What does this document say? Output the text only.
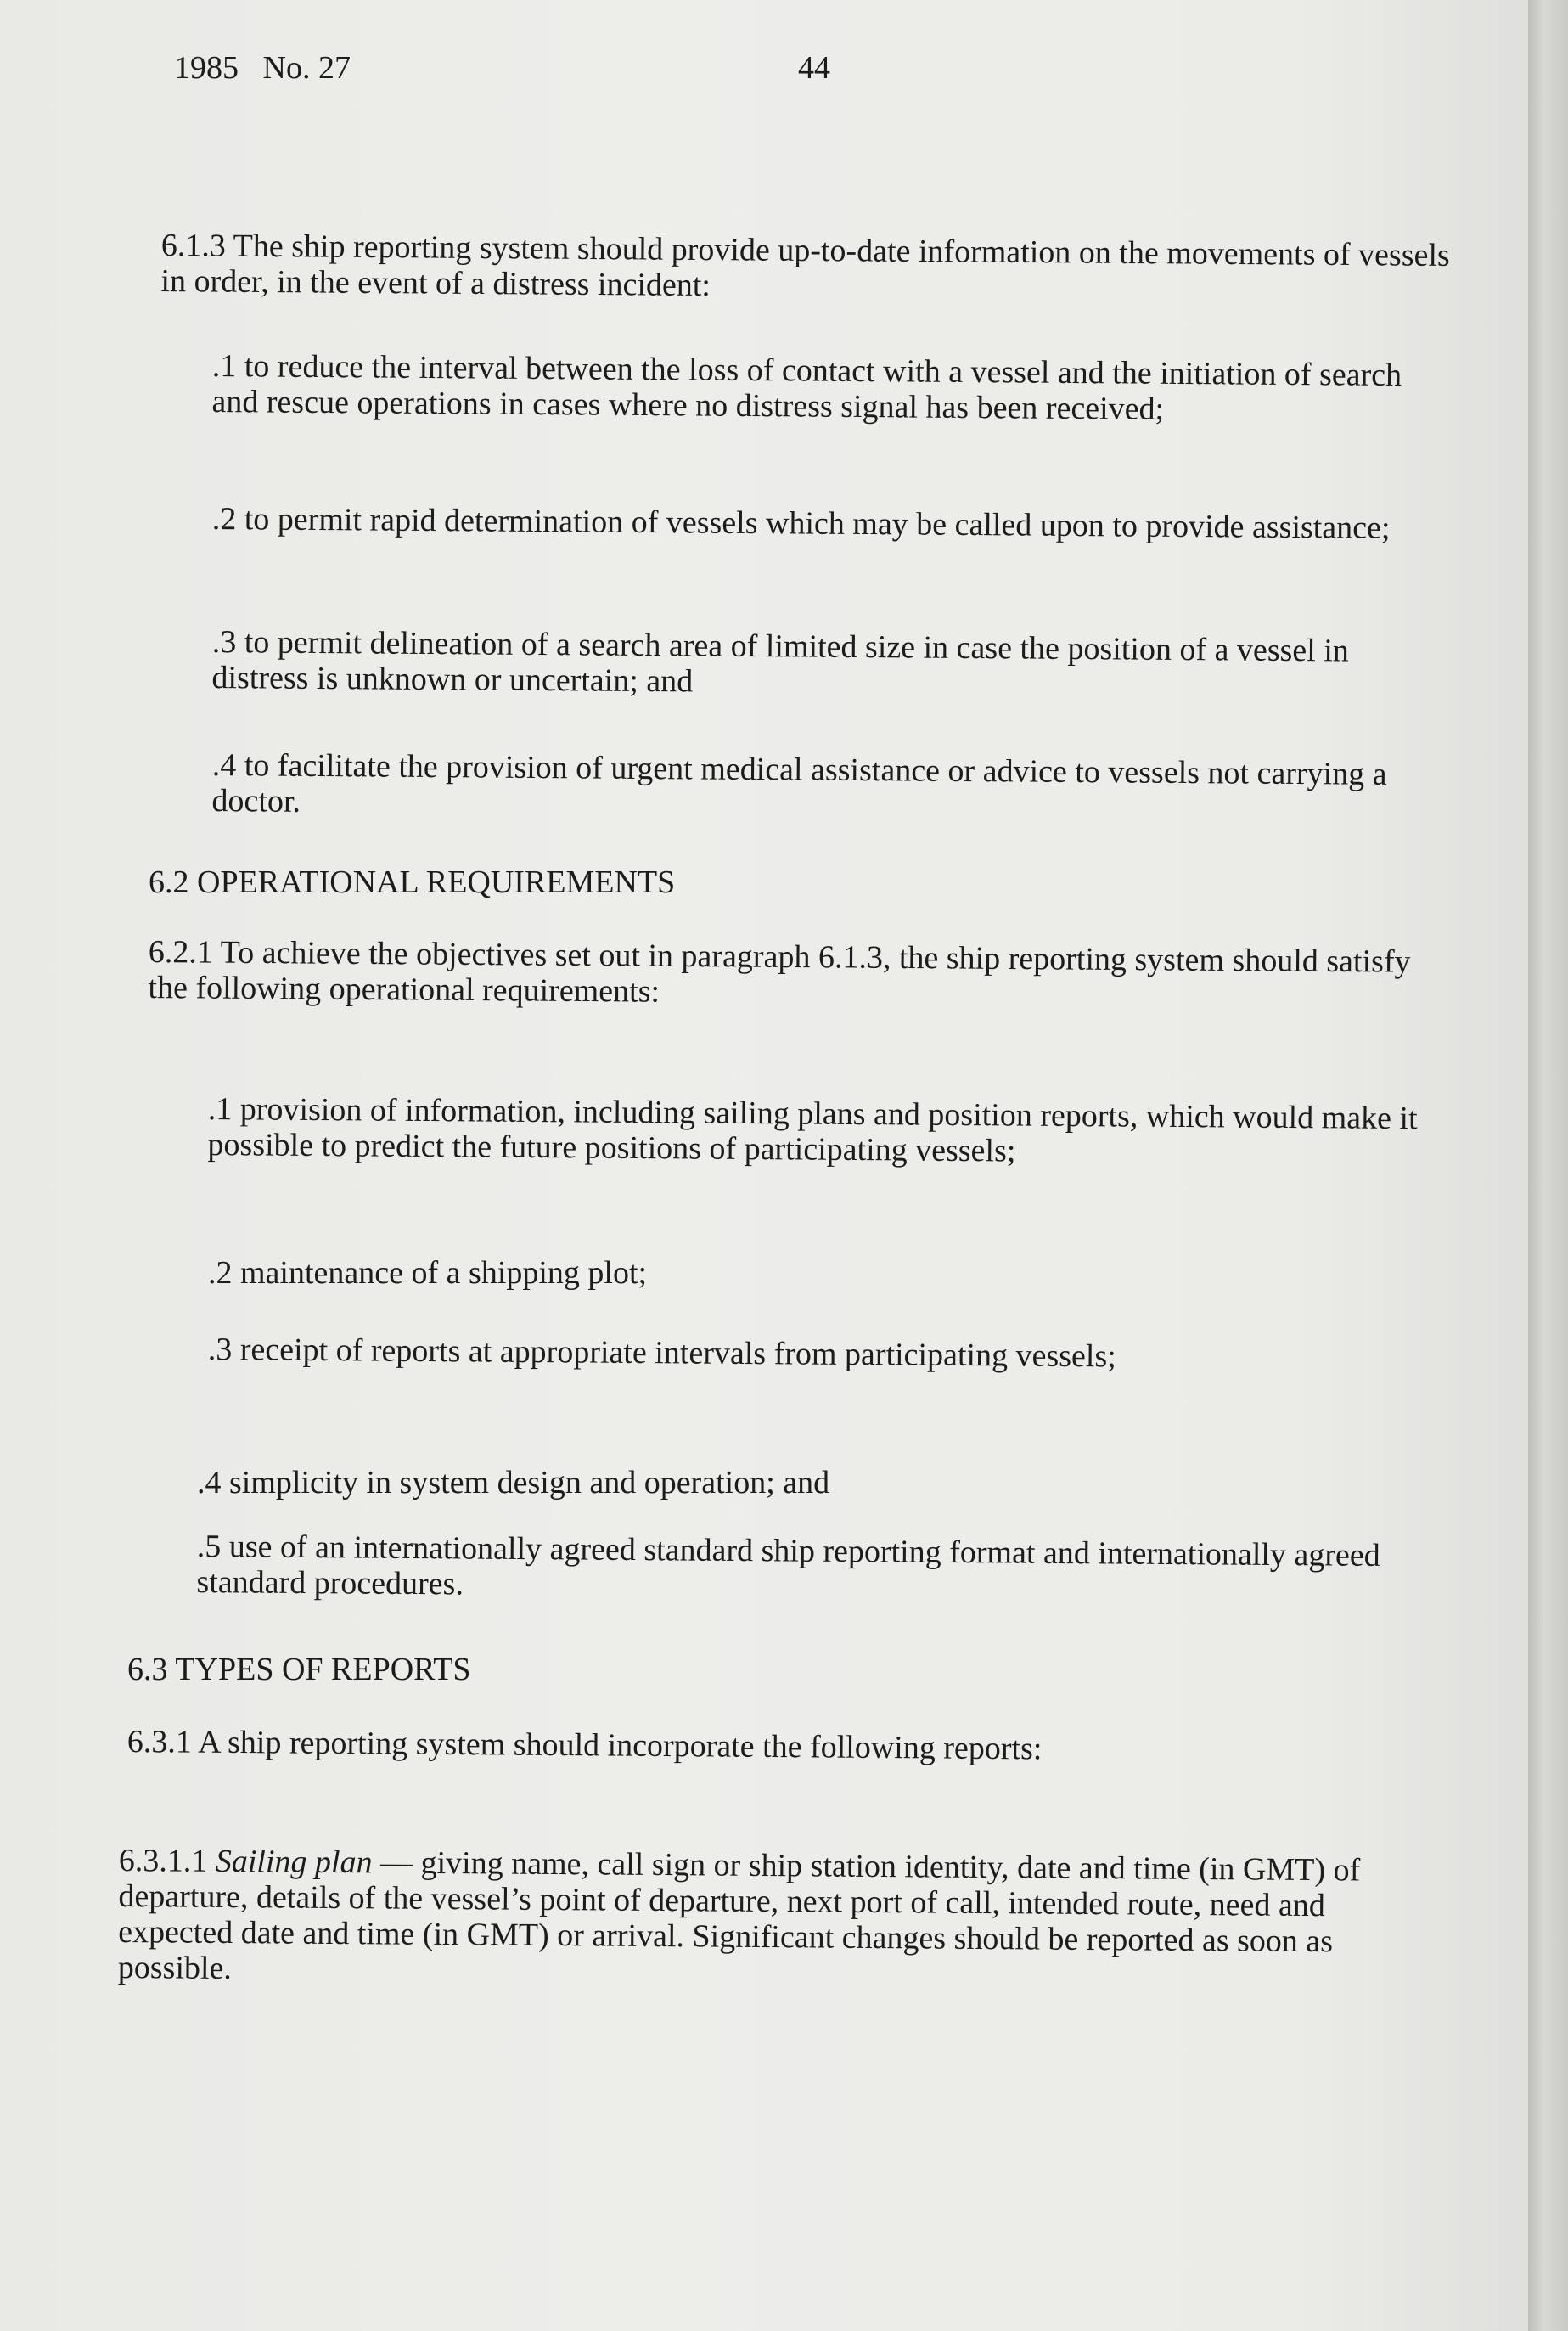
1985   No. 27	44
6.1.3 The ship reporting system should provide up-to-date information on the movements of vessels in order, in the event of a distress incident:
.1 to reduce the interval between the loss of contact with a vessel and the initiation of search and rescue operations in cases where no distress signal has been received;
.2 to permit rapid determination of vessels which may be called upon to provide assistance;
.3 to permit delineation of a search area of limited size in case the position of a vessel in distress is unknown or uncertain; and
.4 to facilitate the provision of urgent medical assistance or advice to vessels not carrying a doctor.
6.2 OPERATIONAL REQUIREMENTS
6.2.1 To achieve the objectives set out in paragraph 6.1.3, the ship reporting system should satisfy the following operational requirements:
.1 provision of information, including sailing plans and position reports, which would make it possible to predict the future positions of participating vessels;
.2 maintenance of a shipping plot;
.3 receipt of reports at appropriate intervals from participating vessels;
.4 simplicity in system design and operation; and
.5 use of an internationally agreed standard ship reporting format and internationally agreed standard procedures.
6.3 TYPES OF REPORTS
6.3.1 A ship reporting system should incorporate the following reports:
6.3.1.1 Sailing plan — giving name, call sign or ship station identity, date and time (in GMT) of departure, details of the vessel’s point of departure, next port of call, intended route, need and expected date and time (in GMT) or arrival. Significant changes should be reported as soon as possible.
